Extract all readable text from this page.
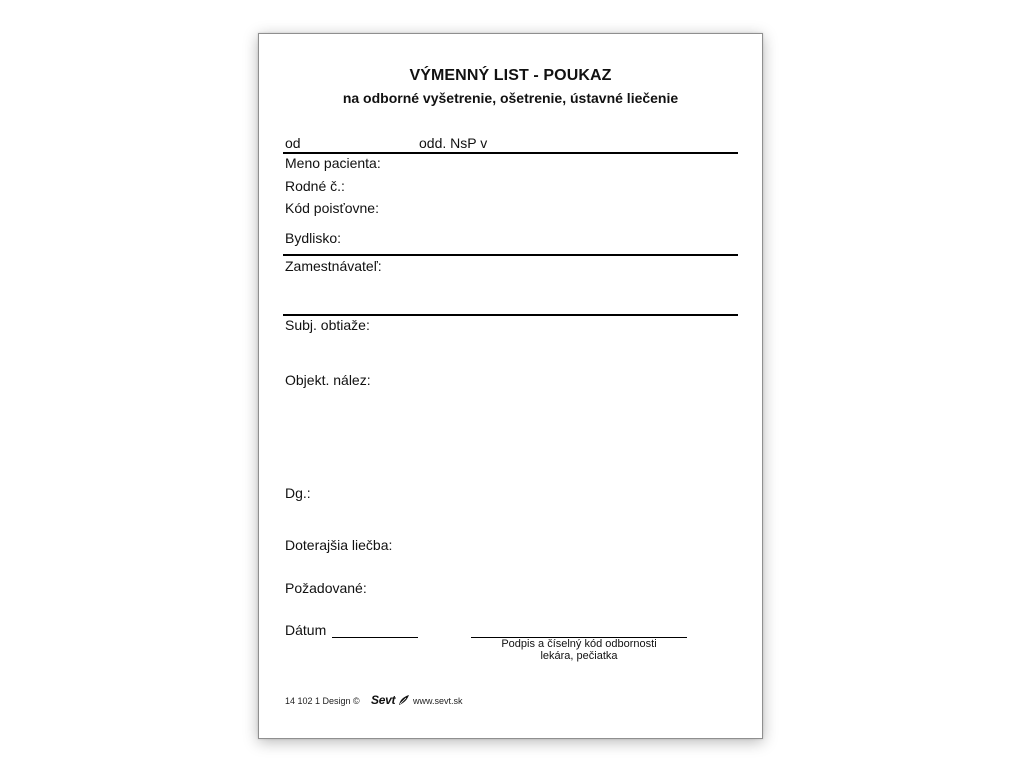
VÝMENNÝ LIST - POUKAZ
na odborné vyšetrenie, ošetrenie, ústavné liečenie
od	odd. NsP v
Meno pacienta:
Rodné č.:
Kód poisťovne:
Bydlisko:
Zamestnávateľ:
Subj. obtiaže:
Objekt. nález:
Dg.:
Doterajšia liečba:
Požadované:
Dátum
Podpis a číselný kód odbornosti
lekára, pečiatka
14 102 1 Design © Sevt	www.sevt.sk
